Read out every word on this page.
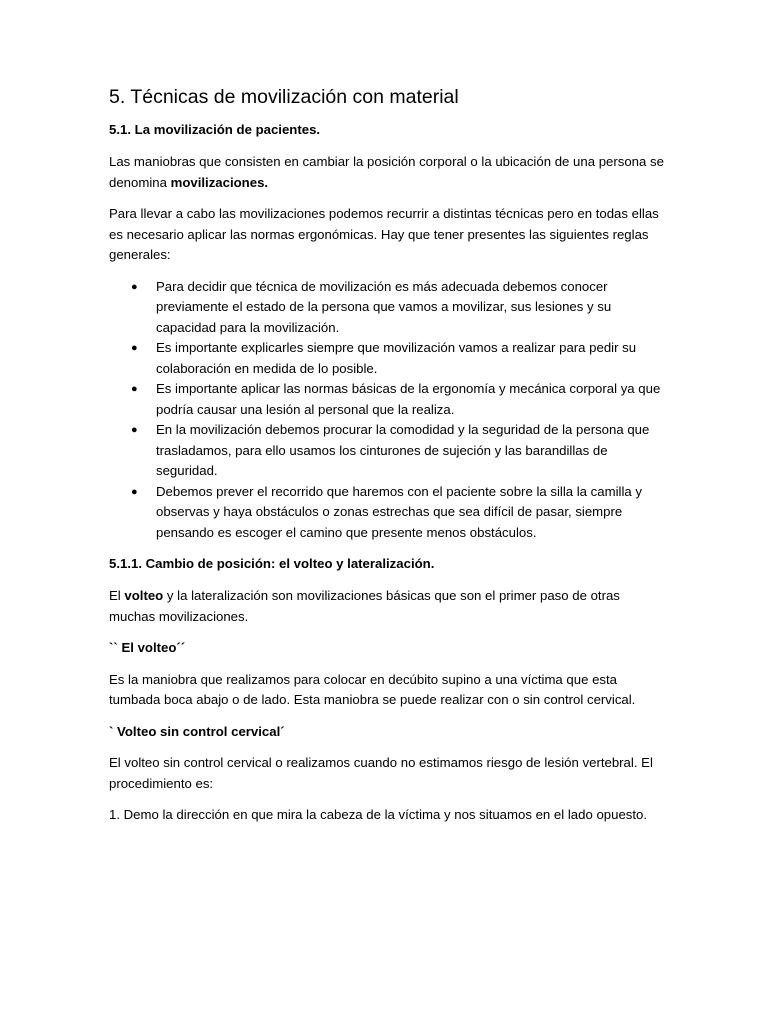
5. Técnicas de movilización con material
5.1. La movilización de pacientes.

Las maniobras que consisten en cambiar la posición corporal o la ubicación de una persona se denomina movilizaciones.

Para llevar a cabo las movilizaciones podemos recurrir a distintas técnicas pero en todas ellas es necesario aplicar las normas ergonómicas. Hay que tener presentes las siguientes reglas generales:

● Para decidir que técnica de movilización es más adecuada debemos conocer previamente el estado de la persona que vamos a movilizar, sus lesiones y su capacidad para la movilización.
● Es importante explicarles siempre que movilización vamos a realizar para pedir su colaboración en medida de lo posible.
● Es importante aplicar las normas básicas de la ergonomía y mecánica corporal ya que podría causar una lesión al personal que la realiza.
● En la movilización debemos procurar la comodidad y la seguridad de la persona que trasladamos, para ello usamos los cinturones de sujeción y las barandillas de seguridad.
● Debemos prever el recorrido que haremos con el paciente sobre la silla la camilla y observas y haya obstáculos o zonas estrechas que sea difícil de pasar, siempre pensando es escoger el camino que presente menos obstáculos.
5.1.1. Cambio de posición: el volteo y lateralización.

El volteo y la lateralización son movilizaciones básicas que son el primer paso de otras muchas movilizaciones.

`` El volteo´´

Es la maniobra que realizamos para colocar en decúbito supino a una víctima que esta tumbada boca abajo o de lado. Esta maniobra se puede realizar con o sin control cervical.

` Volteo sin control cervical´

El volteo sin control cervical o realizamos cuando no estimamos riesgo de lesión vertebral. El procedimiento es:

1. Demo la dirección en que mira la cabeza de la víctima y nos situamos en el lado opuesto.
